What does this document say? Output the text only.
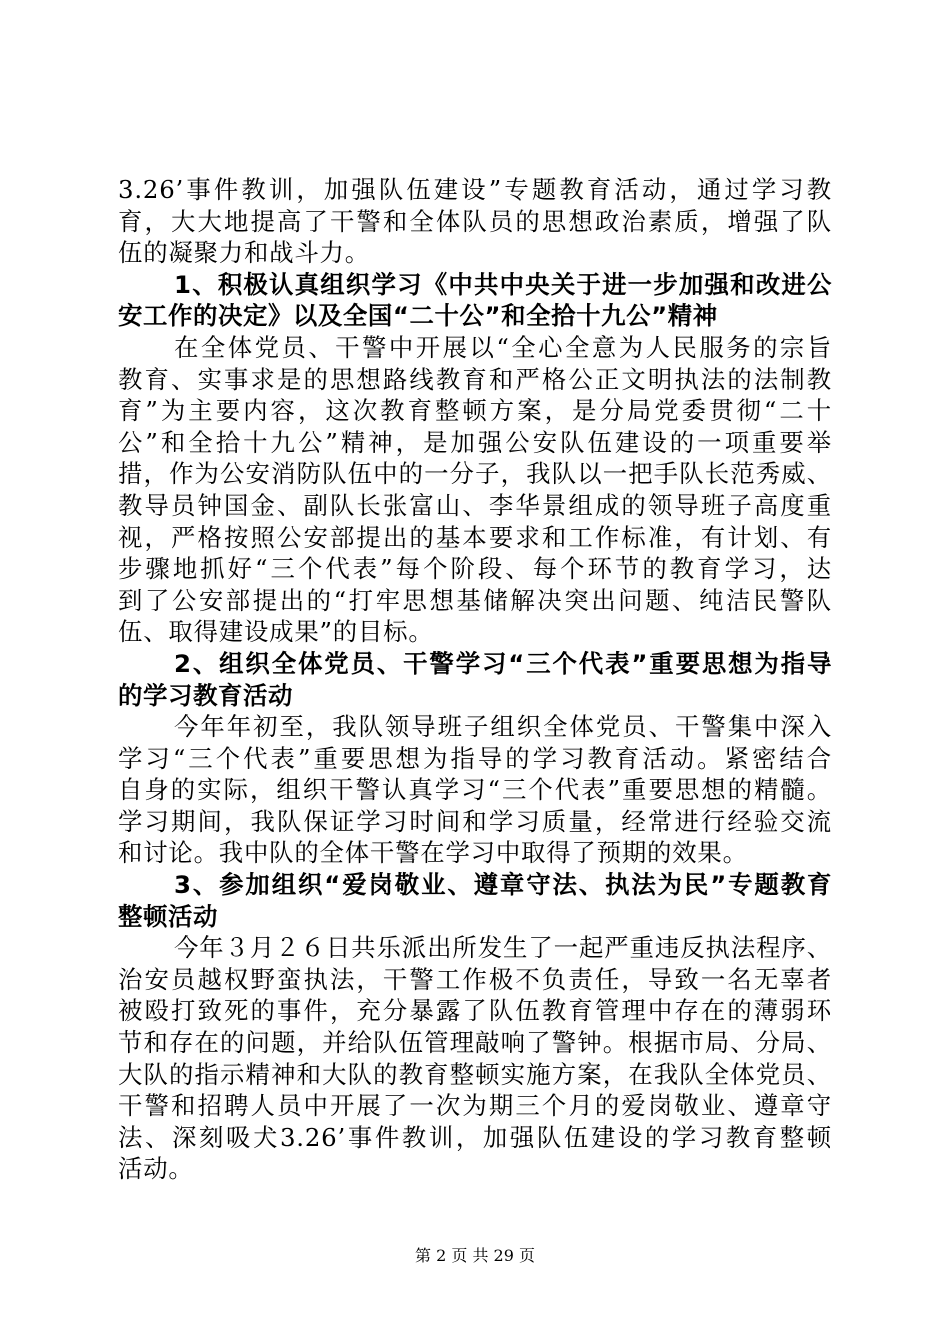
3.26’事件教训，加强队伍建设”专题教育活动，通过学习教
育，大大地提高了干警和全体队员的思想政治素质，增强了队
伍的凝聚力和战斗力。
1、积极认真组织学习《中共中央关于进一步加强和改进公
安工作的决定》以及全国“二十公”和全拾十九公”精神
在全体党员、干警中开展以“全心全意为人民服务的宗旨
教育、实事求是的思想路线教育和严格公正文明执法的法制教
育”为主要内容，这次教育整顿方案，是分局党委贯彻“二十
公”和全拾十九公”精神，是加强公安队伍建设的一项重要举
措，作为公安消防队伍中的一分子，我队以一把手队长范秀威、
教导员钟国金、副队长张富山、李华景组成的领导班子高度重
视，严格按照公安部提出的基本要求和工作标准，有计划、有
步骤地抓好“三个代表”每个阶段、每个环节的教育学习，达
到了公安部提出的“打牢思想基储解决突出问题、纯洁民警队
伍、取得建设成果”的目标。
2、组织全体党员、干警学习“三个代表”重要思想为指导
的学习教育活动
今年年初至，我队领导班子组织全体党员、干警集中深入
学习“三个代表”重要思想为指导的学习教育活动。紧密结合
自身的实际，组织干警认真学习“三个代表”重要思想的精髓。
学习期间，我队保证学习时间和学习质量，经常进行经验交流
和讨论。我中队的全体干警在学习中取得了预期的效果。
3、参加组织“爱岗敬业、遵章守法、执法为民”专题教育
整顿活动
今年３月２６日共乐派出所发生了一起严重违反执法程序、
治安员越权野蛮执法，干警工作极不负责任，导致一名无辜者
被殴打致死的事件，充分暴露了队伍教育管理中存在的薄弱环
节和存在的问题，并给队伍管理敲响了警钟。根据市局、分局、
大队的指示精神和大队的教育整顿实施方案，在我队全体党员、
干警和招聘人员中开展了一次为期三个月的爱岗敬业、遵章守
法、深刻吸犬3.26’事件教训，加强队伍建设的学习教育整顿
活动。
第 2 页 共 29 页
